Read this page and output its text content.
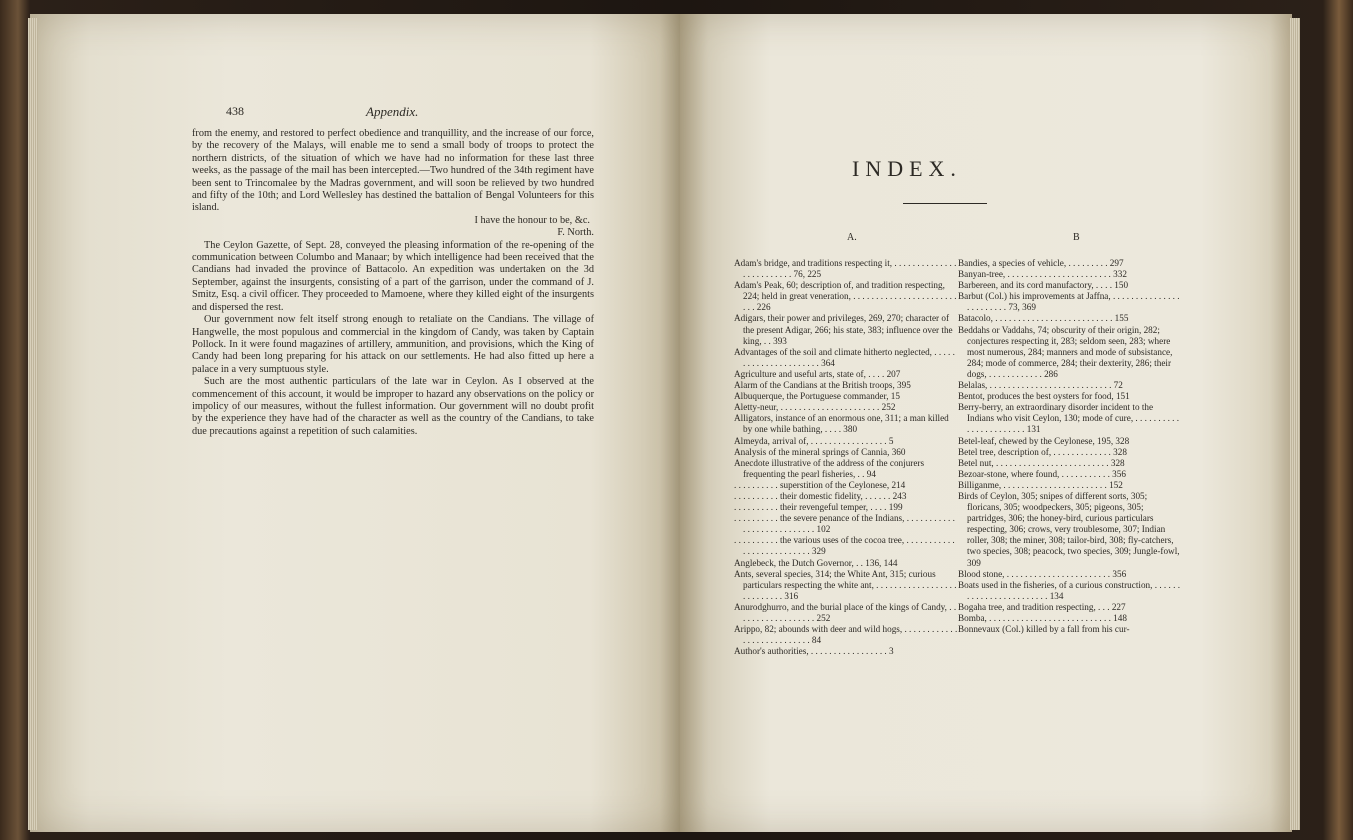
438	Appendix.
from the enemy, and restored to perfect obedience and tranquillity, and the increase of our force, by the recovery of the Malays, will enable me to send a small body of troops to protect the northern districts, of the situation of which we have had no information for these last three weeks, as the passage of the mail has been intercepted.—Two hundred of the 34th regiment have been sent to Trincomalee by the Madras government, and will soon be relieved by two hundred and fifty of the 10th; and Lord Wellesley has destined the battalion of Bengal Volunteers for this island.
I have the honour to be, &c.
F. North.
The Ceylon Gazette, of Sept. 28, conveyed the pleasing information of the re-opening of the communication between Columbo and Manaar; by which intelligence had been received that the Candians had invaded the province of Battacolo. An expedition was undertaken on the 3d September, against the insurgents, consisting of a part of the garrison, under the command of J. Smitz, Esq. a civil officer. They proceeded to Mamoene, where they killed eight of the insurgents and dispersed the rest.
Our government now felt itself strong enough to retaliate on the Candians. The village of Hangwelle, the most populous and commercial in the kingdom of Candy, was taken by Captain Pollock. In it were found magazines of artillery, ammunition, and provisions, which the King of Candy had been long preparing for his attack on our settlements. He had also fitted up here a palace in a very sumptuous style.
Such are the most authentic particulars of the late war in Ceylon. As I observed at the commencement of this account, it would be improper to hazard any observations on the policy or impolicy of our measures, without the fullest information. Our government will no doubt profit by the experience they have had of the character as well as the country of the Candians, to take due precautions against a repetition of such calamities.
INDEX.
A.	B
Adam's bridge, and traditions respecting it, . . . . . . . . . . . . . . . . . . . . . . . . . 76, 225
Adam's Peak, 60; description of, and tradition respecting, 224; held in great veneration, . . . . . . . . . . . . . . . . . . . . . . . . . . 226
Adigars, their power and privileges, 269, 270; character of the present Adigar, 266; his state, 383; influence over the king, . . 393
Advantages of the soil and climate hitherto neglected, . . . . . . . . . . . . . . . . . . . . . . 364
Agriculture and useful arts, state of, . . . . 207
Alarm of the Candians at the British troops, 395
Albuquerque, the Portuguese commander, 15
Aletty-neur, . . . . . . . . . . . . . . . . . . . . . . 252
Alligators, instance of an enormous one, 311; a man killed by one while bathing, . . . . 380
Almeyda, arrival of, . . . . . . . . . . . . . . . . . 5
Analysis of the mineral springs of Cannia, 360
Anecdote illustrative of the address of the conjurers frequenting the pearl fisheries, . . 94
. . . . . . . . . . superstition of the Ceylonese, 214
. . . . . . . . . . their domestic fidelity, . . . . . . 243
. . . . . . . . . . their revengeful temper, . . . . 199
. . . . . . . . . . the severe penance of the Indians, . . . . . . . . . . . . . . . . . . . . . . . . . . . 102
. . . . . . . . . . the various uses of the cocoa tree, . . . . . . . . . . . . . . . . . . . . . . . . . . 329
Anglebeck, the Dutch Governor, . . 136, 144
Ants, several species, 314; the White Ant, 315; curious particulars respecting the white ant, . . . . . . . . . . . . . . . . . . . . . . . . . . . 316
Anurodghurro, and the burial place of the kings of Candy, . . . . . . . . . . . . . . . . . . 252
Arippo, 82; abounds with deer and wild hogs, . . . . . . . . . . . . . . . . . . . . . . . . . . . 84
Author's authorities, . . . . . . . . . . . . . . . . . 3
Bandies, a species of vehicle, . . . . . . . . . 297
Banyan-tree, . . . . . . . . . . . . . . . . . . . . . . . 332
Barbereen, and its cord manufactory, . . . . 150
Barbut (Col.) his improvements at Jaffna, . . . . . . . . . . . . . . . . . . . . . . . . 73, 369
Batacolo, . . . . . . . . . . . . . . . . . . . . . . . . . . 155
Beddahs or Vaddahs, 74; obscurity of their origin, 282; conjectures respecting it, 283; seldom seen, 283; where most numerous, 284; manners and mode of subsistance, 284; mode of commerce, 284; their dexterity, 286; their dogs, . . . . . . . . . . . . 286
Belalas, . . . . . . . . . . . . . . . . . . . . . . . . . . . 72
Bentot, produces the best oysters for food, 151
Berry-berry, an extraordinary disorder incident to the Indians who visit Ceylon, 130; mode of cure, . . . . . . . . . . . . . . . . . . . . . . . 131
Betel-leaf, chewed by the Ceylonese, 195, 328
Betel tree, description of, . . . . . . . . . . . . . 328
Betel nut, . . . . . . . . . . . . . . . . . . . . . . . . . 328
Bezoar-stone, where found, . . . . . . . . . . . 356
Billiganme, . . . . . . . . . . . . . . . . . . . . . . . 152
Birds of Ceylon, 305; snipes of different sorts, 305; floricans, 305; woodpeckers, 305; pigeons, 305; partridges, 306; the honey-bird, curious particulars respecting, 306; crows, very troublesome, 307; Indian roller, 308; the miner, 308; tailor-bird, 308; fly-catchers, two species, 308; peacock, two species, 309; Jungle-fowl, 309
Blood stone, . . . . . . . . . . . . . . . . . . . . . . . 356
Boats used in the fisheries, of a curious construction, . . . . . . . . . . . . . . . . . . . . . . . . 134
Bogaha tree, and tradition respecting, . . . 227
Bomba, . . . . . . . . . . . . . . . . . . . . . . . . . . . 148
Bonnevaux (Col.) killed by a fall from his cur-
